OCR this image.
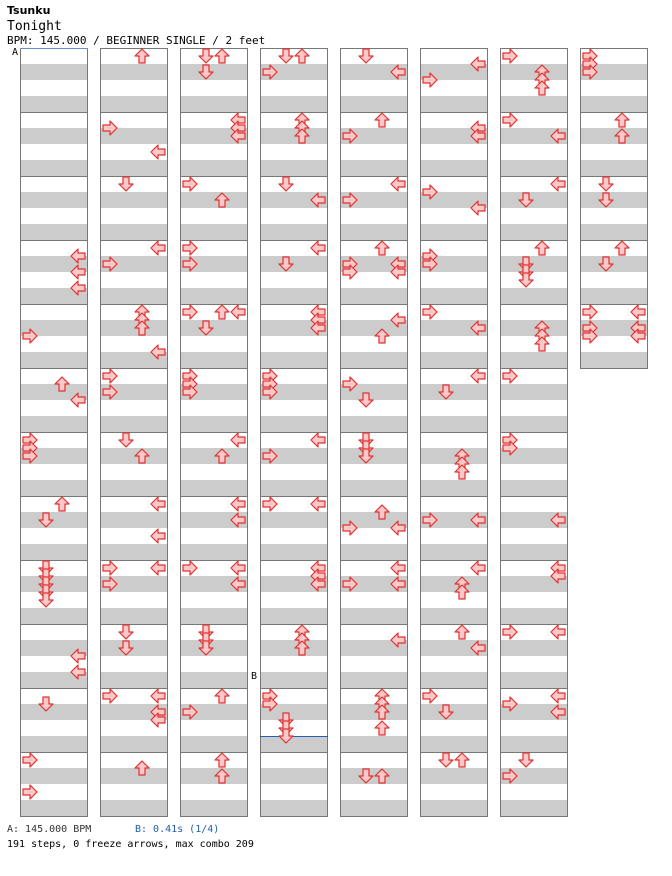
Tsunku
Tonight
BPM: 145.000 / BEGINNER SINGLE / 2 feet
A
B
A: 145.000 BPM	B: 0.41s (1/4)
191 steps, 0 freeze arrows, max combo 209
